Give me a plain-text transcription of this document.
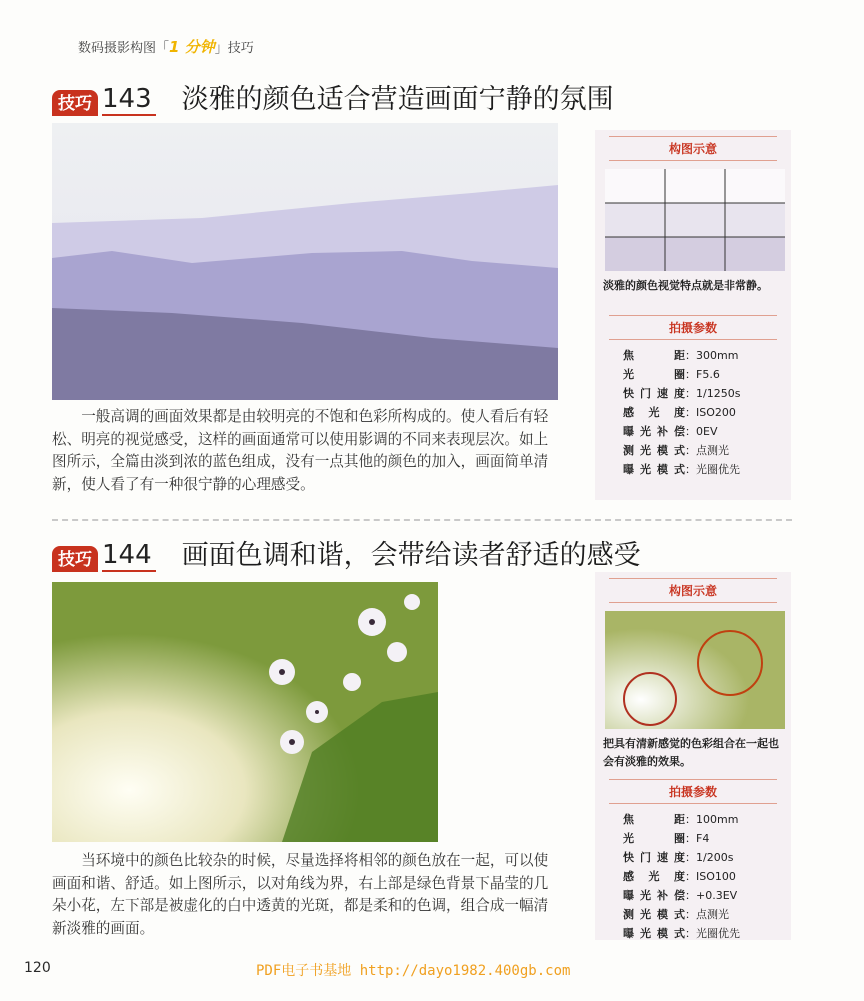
数码摄影构图「1 分钟」技巧
技巧 143 淡雅的颜色适合营造画面宁静的氛围
构图示意
淡雅的颜色视觉特点就是非常静。
拍摄参数
焦距：300mm
光圈：F5.6
快门速度：1/1250s
感光度：ISO200
曝光补偿：0EV
测光模式：点测光
曝光模式：光圈优先
一般高调的画面效果都是由较明亮的不饱和色彩所构成的。使人看后有轻松、明亮的视觉感受，这样的画面通常可以使用影调的不同来表现层次。如上图所示，全篇由淡到浓的蓝色组成，没有一点其他的颜色的加入，画面简单清新，使人看了有一种很宁静的心理感受。
技巧 144 画面色调和谐，会带给读者舒适的感受
构图示意
把具有清新感觉的色彩组合在一起也会有淡雅的效果。
拍摄参数
焦距：100mm
光圈：F4
快门速度：1/200s
感光度：ISO100
曝光补偿：+0.3EV
测光模式：点测光
曝光模式：光圈优先
当环境中的颜色比较杂的时候，尽量选择将相邻的颜色放在一起，可以使画面和谐、舒适。如上图所示，以对角线为界，右上部是绿色背景下晶莹的几朵小花，左下部是被虚化的白中透黄的光斑，都是柔和的色调，组合成一幅清新淡雅的画面。
120	PDF电子书基地 http://dayo1982.400gb.com
